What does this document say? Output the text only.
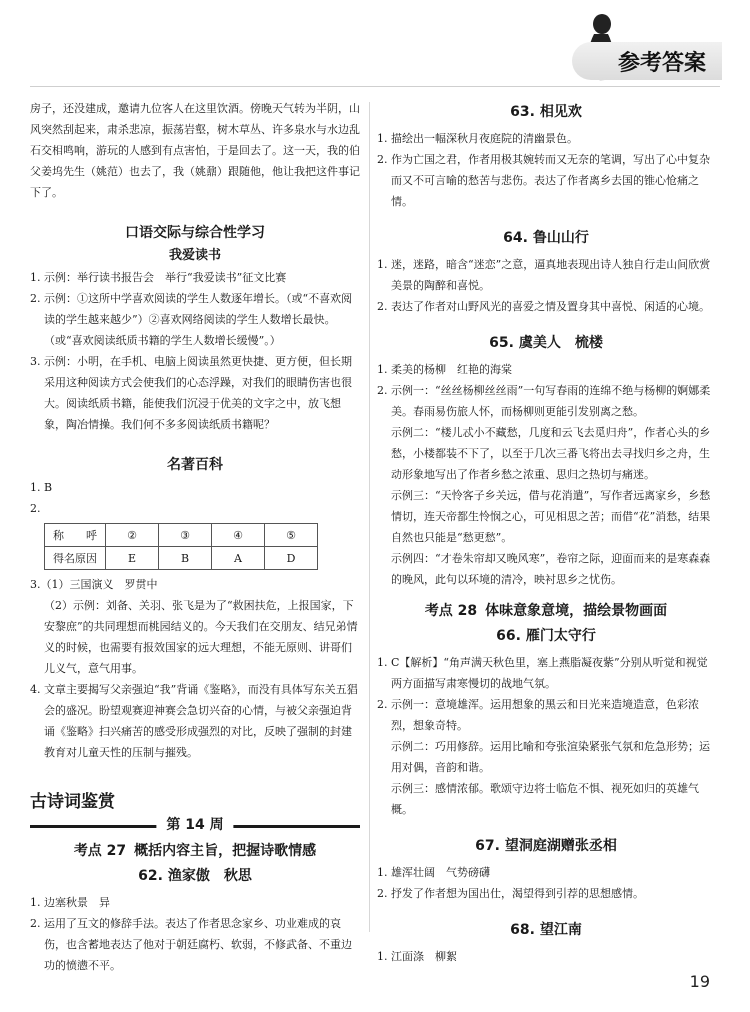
参考答案

房子，还没建成，邀请九位客人在这里饮酒。傍晚天气转为半阴，山风突然刮起来，肃杀悲凉，振荡岩壑，树木草丛、许多泉水与水边乱石交相鸣响，游玩的人感到有点害怕，于是回去了。这一天，我的伯父姜坞先生（姚范）也去了，我（姚鼐）跟随他，他让我把这件事记下了。

口语交际与综合性学习
我爱读书

1. 示例：举行读书报告会　举行“我爱读书”征文比赛

2. 示例：①这所中学喜欢阅读的学生人数逐年增长。（或“不喜欢阅读的学生越来越少”）②喜欢网络阅读的学生人数增长最快。（或“喜欢阅读纸质书籍的学生人数增长缓慢”。）

3. 示例：小明，在手机、电脑上阅读虽然更快捷、更方便，但长期采用这种阅读方式会使我们的心态浮躁，对我们的眼睛伤害也很大。阅读纸质书籍，能使我们沉浸于优美的文字之中，放飞想象，陶冶情操。我们何不多多阅读纸质书籍呢？

名著百科

1. B

2.

称　　呼	②	③	④	⑤
得名原因	E	B	A	D

3.（1）三国演义　罗贯中

（2）示例：刘备、关羽、张飞是为了“救困扶危，上报国家，下安黎庶”的共同理想而桃园结义的。今天我们在交朋友、结兄弟情义的时候，也需要有报效国家的远大理想，不能无原则、讲哥们儿义气，意气用事。

4. 文章主要揭写父亲强迫“我”背诵《鉴略》，而没有具体写东关五猖会的盛况。盼望观赛迎神赛会急切兴奋的心情，与被父亲强迫背诵《鉴略》扫兴痛苦的感受形成强烈的对比，反映了强制的封建教育对儿童天性的压制与摧残。

古诗词鉴赏
第 14 周
考点 27 概括内容主旨，把握诗歌情感
62. 渔家傲　秋思

1. 边塞秋景　异

2. 运用了互文的修辞手法。表达了作者思念家乡、功业难成的哀伤，也含蓄地表达了他对于朝廷腐朽、软弱，不修武备、不重边功的愤懑不平。

63. 相见欢

1. 描绘出一幅深秋月夜庭院的清幽景色。

2. 作为亡国之君，作者用极其婉转而又无奈的笔调，写出了心中复杂而又不可言喻的愁苦与悲伤。表达了作者离乡去国的锥心怆痛之情。

64. 鲁山山行

1. 迷，迷路，暗含“迷恋”之意，逼真地表现出诗人独自行走山间欣赏美景的陶醉和喜悦。

2. 表达了作者对山野风光的喜爱之情及置身其中喜悦、闲适的心境。

65. 虞美人　梳楼

1. 柔美的杨柳　红艳的海棠

2. 示例一：“丝丝杨柳丝丝雨”一句写春雨的连绵不绝与杨柳的婀娜柔美。春雨易伤旅人怀，而杨柳则更能引发别离之愁。

示例二：“楼儿忒小不藏愁，几度和云飞去觅归舟”，作者心头的乡愁，小楼都装不下了，以至于几次三番飞将出去寻找归乡之舟，生动形象地写出了作者乡愁之浓重、思归之热切与痛迷。

示例三：“天怜客子乡关远，借与花消遣”，写作者远离家乡，乡愁情切，连天帝都生怜悯之心，可见相思之苦；而借“花”消愁，结果自然也只能是“愁更愁”。

示例四：“才卷朱帘却又晚风寒”，卷帘之际，迎面而来的是寒森森的晚风，此句以环境的清冷，映衬思乡之忧伤。

考点 28 体味意象意境，描绘景物画面
66. 雁门太守行

1. C【解析】“角声满天秋色里，塞上燕脂凝夜紫”分别从听觉和视觉两方面描写肃寒慢切的战地气氛。

2. 示例一：意境雄浑。运用想象的黑云和日光来造境造意，色彩浓烈，想象奇特。

示例二：巧用修辞。运用比喻和夸张渲染紧张气氛和危急形势；运用对偶，音韵和谐。

示例三：感情浓郁。歌颂守边将士临危不惧、视死如归的英雄气概。

67. 望洞庭湖赠张丞相

1. 雄浑壮阔　气势磅礴

2. 抒发了作者想为国出仕，渴望得到引荐的思想感情。

68. 望江南

1. 江面涤　柳絮

19
